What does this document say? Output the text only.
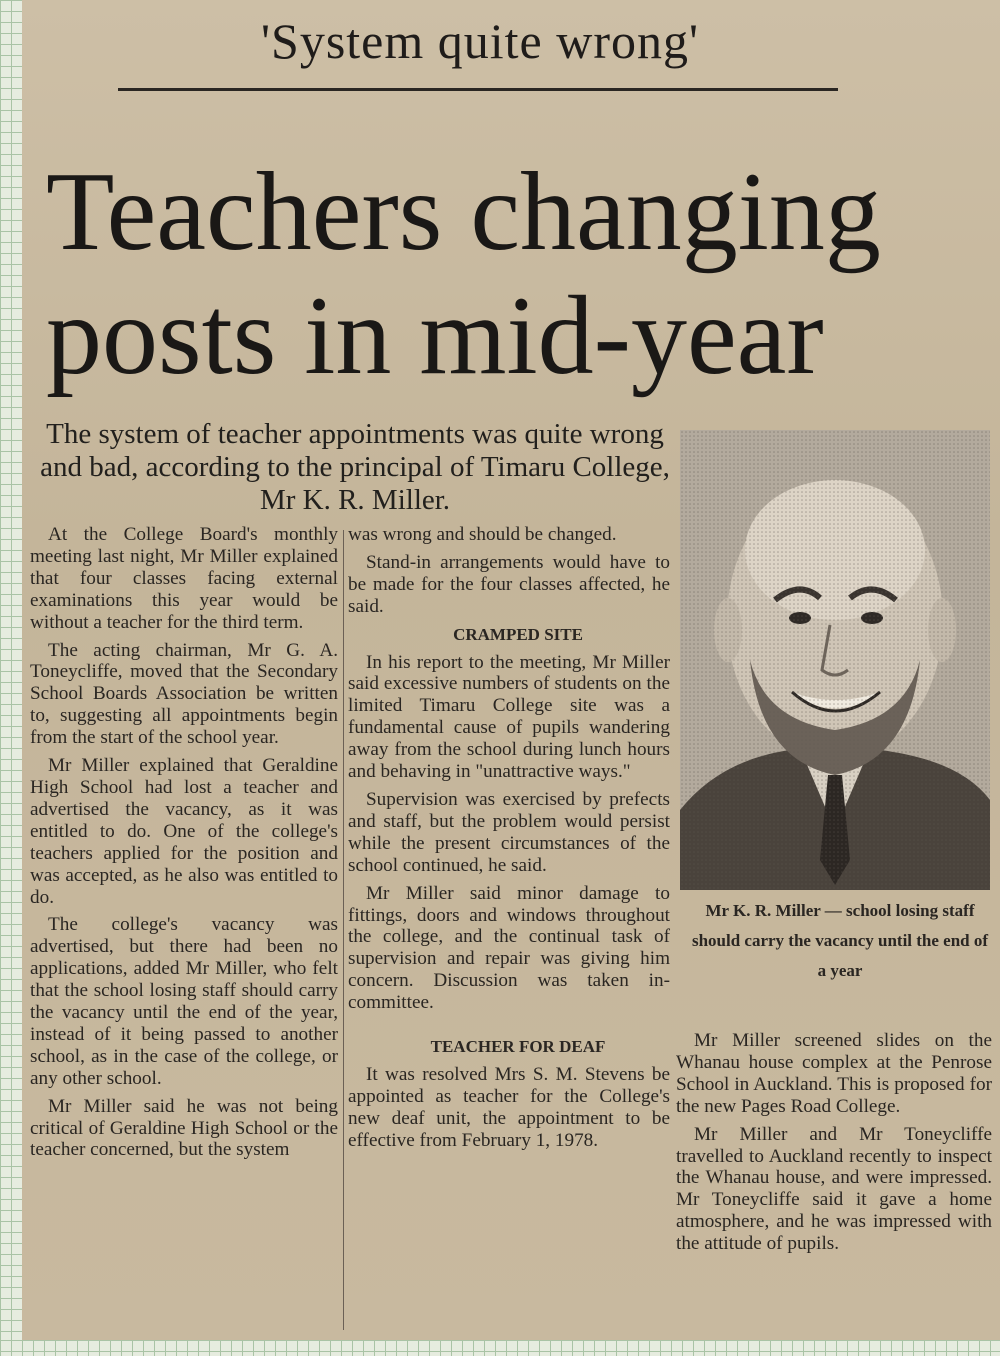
'System quite wrong'
Teachers changing
posts in mid-year
The system of teacher appointments was quite wrong and bad, according to the principal of Timaru College, Mr K. R. Miller.

At the College Board's monthly meeting last night, Mr Miller explained that four classes facing external examinations this year would be without a teacher for the third term.

The acting chairman, Mr G. A. Toneycliffe, moved that the Secondary School Boards Association be written to, suggesting all appointments begin from the start of the school year.

Mr Miller explained that Geraldine High School had lost a teacher and advertised the vacancy, as it was entitled to do. One of the college's teachers applied for the position and was accepted, as he also was entitled to do.

The college's vacancy was advertised, but there had been no applications, added Mr Miller, who felt that the school losing staff should carry the vacancy until the end of the year, instead of it being passed to another school, as in the case of the college, or any other school.

Mr Miller said he was not being critical of Geraldine High School or the teacher concerned, but the system

was wrong and should be changed.

Stand-in arrangements would have to be made for the four classes affected, he said.

CRAMPED SITE

In his report to the meeting, Mr Miller said excessive numbers of students on the limited Timaru College site was a fundamental cause of pupils wandering away from the school during lunch hours and behaving in "unattractive ways."

Supervision was exercised by prefects and staff, but the problem would persist while the present circumstances of the school continued, he said.

Mr Miller said minor damage to fittings, doors and windows throughout the college, and the continual task of supervision and repair was giving him concern. Discussion was taken in-committee.

TEACHER FOR DEAF

It was resolved Mrs S. M. Stevens be appointed as teacher for the College's new deaf unit, the appointment to be effective from February 1, 1978.

Mr K. R. Miller — school losing staff should carry the vacancy until the end of a year

Mr Miller screened slides on the Whanau house complex at the Penrose School in Auckland. This is proposed for the new Pages Road College.

Mr Miller and Mr Toneycliffe travelled to Auckland recently to inspect the Whanau house, and were impressed. Mr Toneycliffe said it gave a home atmosphere, and he was impressed with the attitude of pupils.
